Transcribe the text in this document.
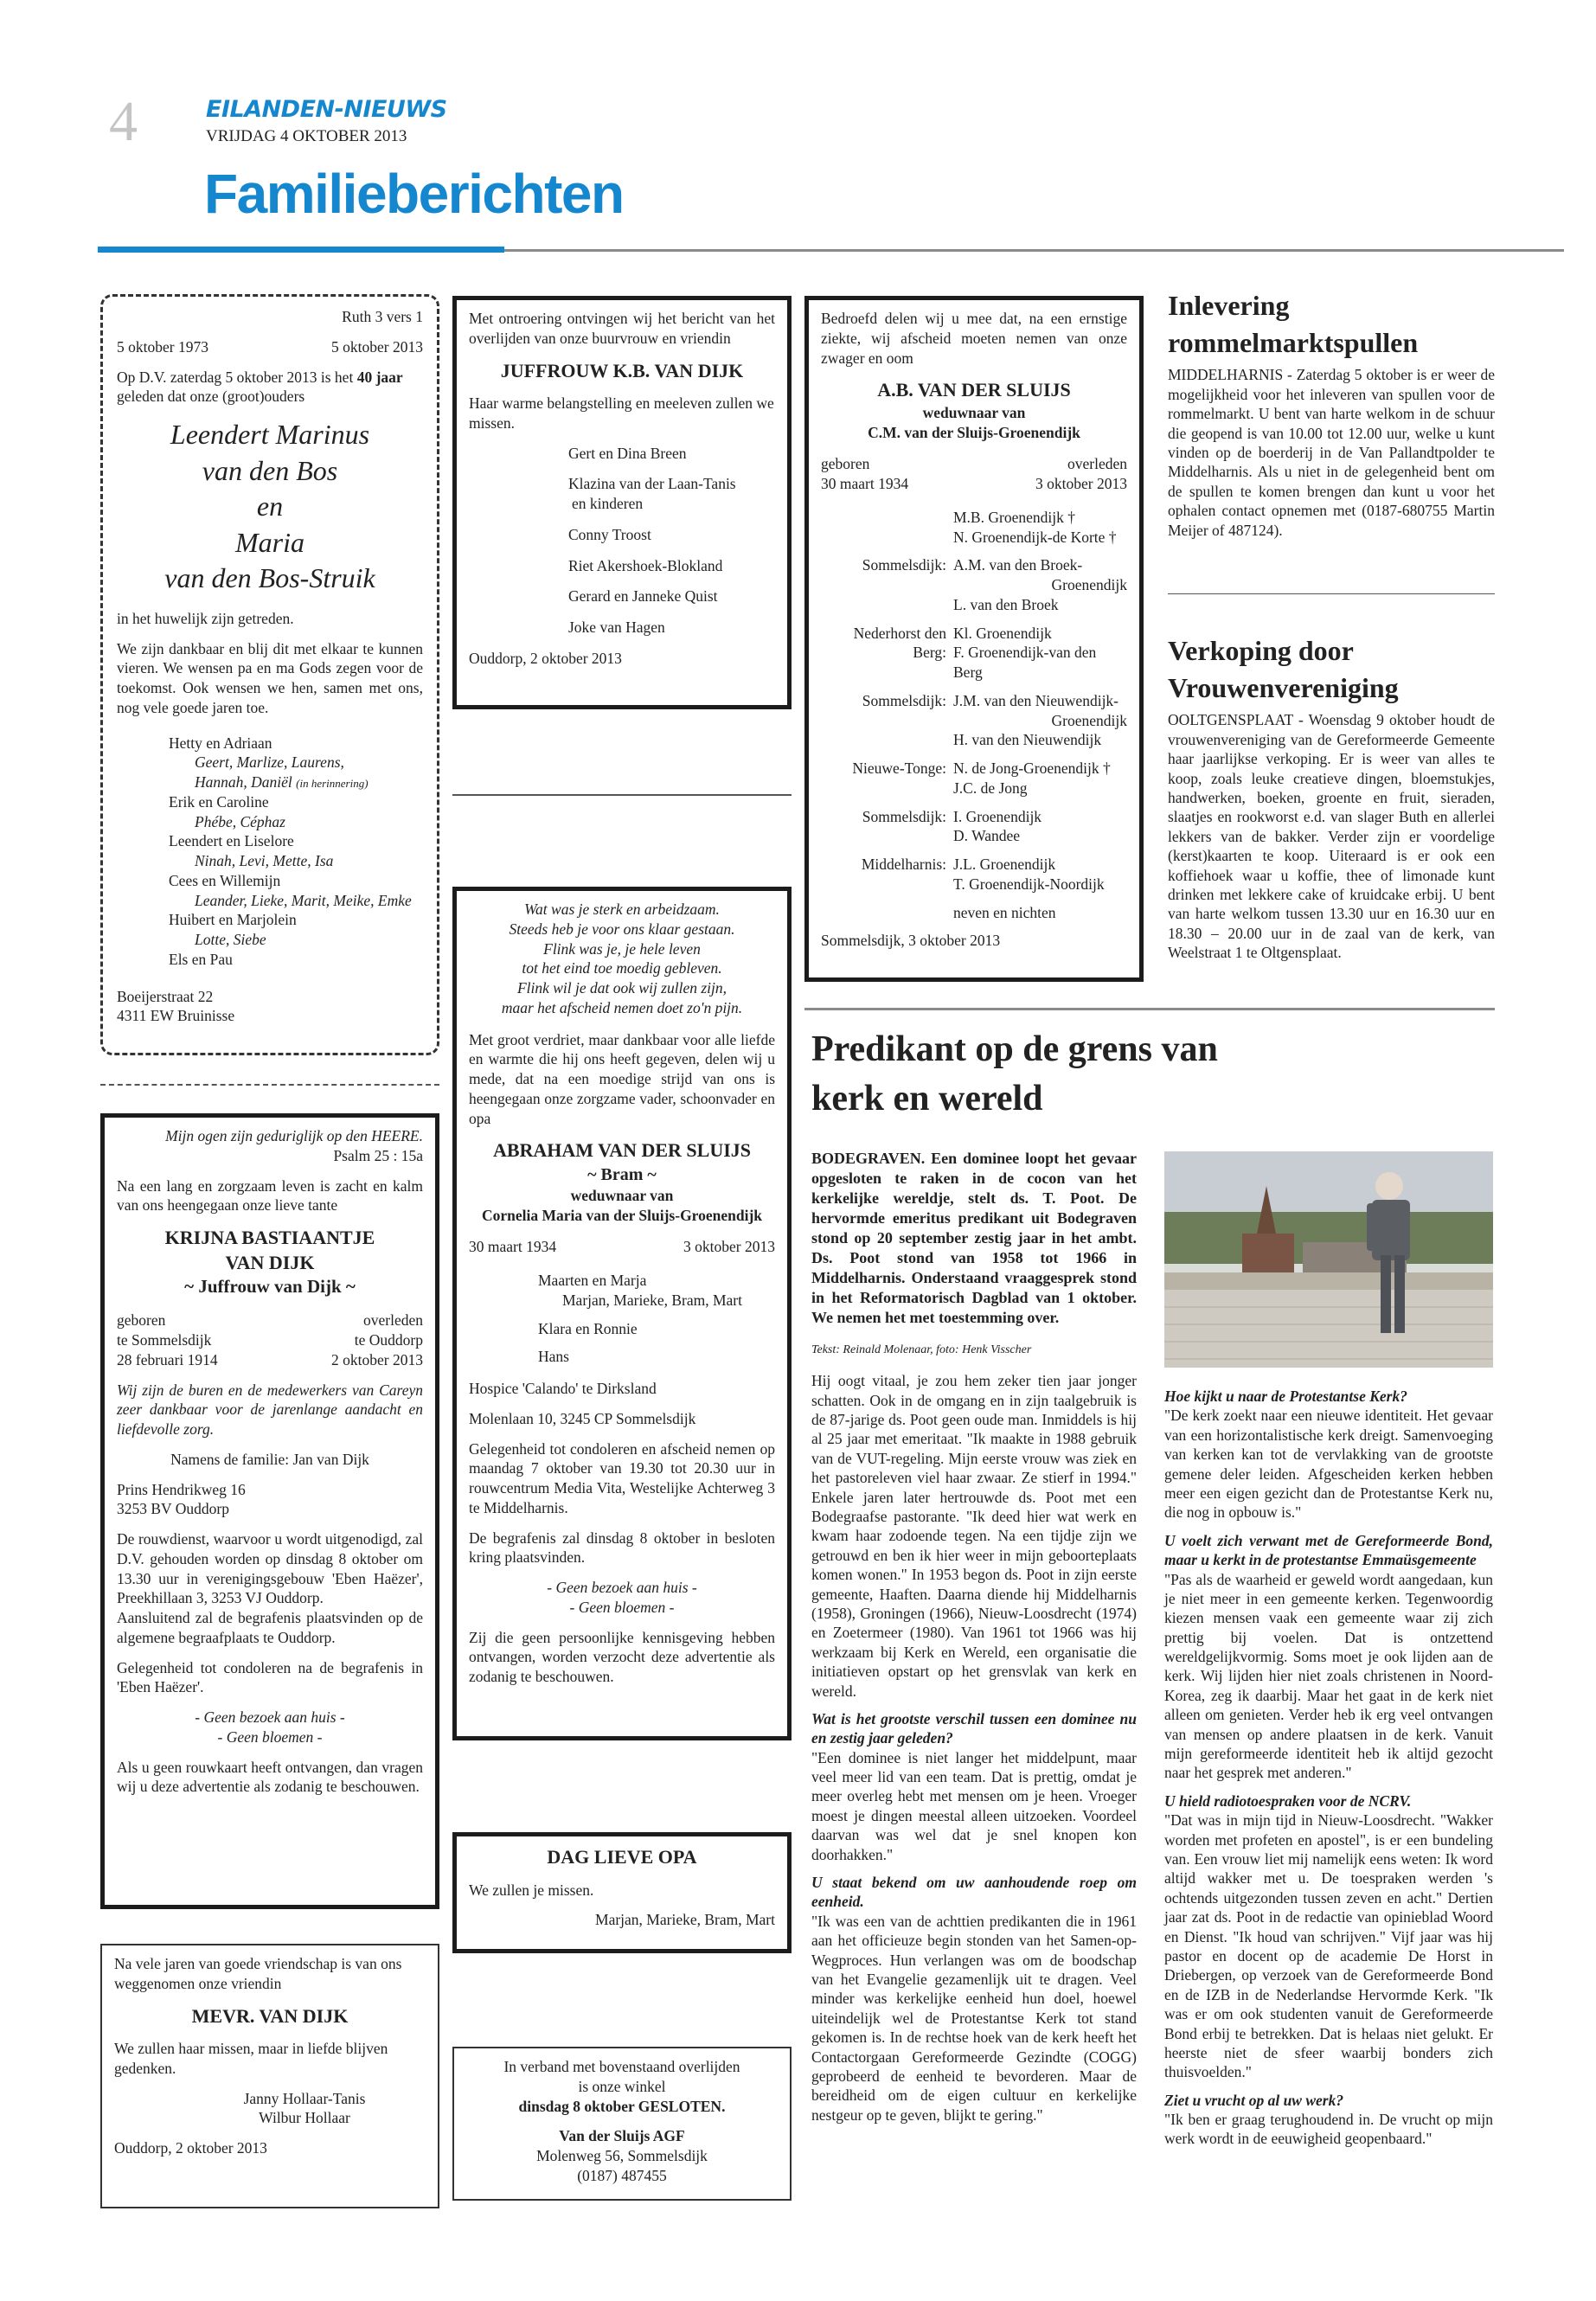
4	EILANDEN-NIEUWS
VRIJDAG 4 OKTOBER 2013
Familieberichten

Ruth 3 vers 1

5 oktober 1973	5 oktober 2013

Op D.V. zaterdag 5 oktober 2013 is het 40 jaar geleden dat onze (groot)ouders

Leendert Marinus
van den Bos
en
Maria
van den Bos-Struik

in het huwelijk zijn getreden.

We zijn dankbaar en blij dit met elkaar te kunnen vieren. We wensen pa en ma Gods zegen voor de toekomst. Ook wensen we hen, samen met ons, nog vele goede jaren toe.

Hetty en Adriaan
Geert, Marlize, Laurens,
Hannah, Daniël (in herinnering)
Erik en Caroline
Phébe, Céphaz
Leendert en Liselore
Ninah, Levi, Mette, Isa
Cees en Willemijn
Leander, Lieke, Marit, Meike, Emke
Huibert en Marjolein
Lotte, Siebe
Els en Pau
Boeijerstraat 22
4311 EW Bruinisse
Mijn ogen zijn geduriglijk op den HEERE.

Psalm 25 : 15a

Na een lang en zorgzaam leven is zacht en kalm van ons heengegaan onze lieve tante

KRIJNA BASTIAANTJE
VAN DIJK
~ Juffrouw van Dijk ~
geboren	overleden
te Sommelsdijk	te Ouddorp
28 februari 1914	2 oktober 2013

Wij zijn de buren en de medewerkers van Careyn zeer dankbaar voor de jarenlange aandacht en liefdevolle zorg.

Namens de familie: Jan van Dijk

Prins Hendrikweg 16

3253 BV Ouddorp

De rouwdienst, waarvoor u wordt uitgenodigd, zal D.V. gehouden worden op dinsdag 8 oktober om 13.30 uur in verenigingsgebouw 'Eben Haëzer', Preekhillaan 3, 3253 VJ Ouddorp.

Aansluitend zal de begrafenis plaatsvinden op de algemene begraafplaats te Ouddorp.

Gelegenheid tot condoleren na de begrafenis in 'Eben Haëzer'.

- Geen bezoek aan huis -

- Geen bloemen -

Als u geen rouwkaart heeft ontvangen, dan vragen wij u deze advertentie als zodanig te beschouwen.

Na vele jaren van goede vriendschap is van ons weggenomen onze vriendin

MEVR. VAN DIJK

We zullen haar missen, maar in liefde blijven gedenken.

Janny Hollaar-Tanis

Wilbur Hollaar

Ouddorp, 2 oktober 2013

Met ontroering ontvingen wij het bericht van het overlijden van onze buurvrouw en vriendin

JUFFROUW K.B. VAN DIJK

Haar warme belangstelling en meeleven zullen we missen.

Gert en Dina Breen
Klazina van der Laan-Tanis
en kinderen
Conny Troost
Riet Akershoek-Blokland
Gerard en Janneke Quist
Joke van Hagen
Ouddorp, 2 oktober 2013
Wat was je sterk en arbeidzaam.
Steeds heb je voor ons klaar gestaan.
Flink was je, je hele leven
tot het eind toe moedig gebleven.
Flink wil je dat ook wij zullen zijn,
maar het afscheid nemen doet zo'n pijn.

Met groot verdriet, maar dankbaar voor alle liefde en warmte die hij ons heeft gegeven, delen wij u mede, dat na een moedige strijd van ons is heengegaan onze zorgzame vader, schoonvader en opa

ABRAHAM VAN DER SLUIJS
~ Bram ~
weduwnaar van

Cornelia Maria van der Sluijs-Groenendijk

30 maart 1934	3 oktober 2013
Maarten en Marja
Marjan, Marieke, Bram, Mart
Klara en Ronnie
Hans

Hospice 'Calando' te Dirksland

Molenlaan 10, 3245 CP Sommelsdijk

Gelegenheid tot condoleren en afscheid nemen op maandag 7 oktober van 19.30 tot 20.30 uur in rouwcentrum Media Vita, Westelijke Achterweg 3 te Middelharnis.

De begrafenis zal dinsdag 8 oktober in besloten kring plaatsvinden.

- Geen bezoek aan huis -

- Geen bloemen -

Zij die geen persoonlijke kennisgeving hebben ontvangen, worden verzocht deze advertentie als zodanig te beschouwen.
DAG LIEVE OPA

We zullen je missen.

Marjan, Marieke, Bram, Mart
In verband met bovenstaand overlijden
is onze winkel

dinsdag 8 oktober GESLOTEN.

Van der Sluijs AGF
Molenweg 56, Sommelsdijk
(0187) 487455

Bedroefd delen wij u mee dat, na een ernstige ziekte, wij afscheid moeten nemen van onze zwager en oom

A.B. VAN DER SLUIJS
weduwnaar van

C.M. van der Sluijs-Groenendijk

geboren	overleden
30 maart 1934	3 oktober 2013
M.B. Groenendijk †
N. Groenendijk-de Korte †
Sommelsdijk: A.M. van den Broek-
Groenendijk
L. van den Broek
Nederhorst den Berg:
Kl. Groenendijk
F. Groenendijk-van den Berg
Sommelsdijk: J.M. van den Nieuwendijk-
Groenendijk
H. van den Nieuwendijk
Nieuwe-Tonge: N. de Jong-Groenendijk †
J.C. de Jong
Sommelsdijk: I. Groenendijk
D. Wandee
Middelharnis: J.L. Groenendijk
T. Groenendijk-Noordijk
neven en nichten
Sommelsdijk, 3 oktober 2013
Inlevering rommelmarktspullen
MIDDELHARNIS - Zaterdag 5 oktober is er weer de mogelijkheid voor het inleveren van spullen voor de rommelmarkt. U bent van harte welkom in de schuur die geopend is van 10.00 tot 12.00 uur, welke u kunt vinden op de boerderij in de Van Pallandtpolder te Middelharnis. Als u niet in de gelegenheid bent om de spullen te komen brengen dan kunt u voor het ophalen contact opnemen met (0187-680755 Martin Meijer of 487124).
Verkoping door Vrouwenvereniging
OOLTGENSPLAAT - Woensdag 9 oktober houdt de vrouwenvereniging van de Gereformeerde Gemeente haar jaarlijkse verkoping. Er is weer van alles te koop, zoals leuke creatieve dingen, bloemstukjes, handwerken, boeken, groente en fruit, sieraden, slaatjes en rookworst e.d. van slager Buth en allerlei lekkers van de bakker. Verder zijn er voordelige (kerst)kaarten te koop. Uiteraard is er ook een koffiehoek waar u koffie, thee of limonade kunt drinken met lekkere cake of kruidcake erbij. U bent van harte welkom tussen 13.30 uur en 16.30 uur en 18.30 – 20.00 uur in de zaal van de kerk, van Weelstraat 1 te Oltgensplaat.
Predikant op de grens van kerk en wereld
BODEGRAVEN. Een dominee loopt het gevaar opgesloten te raken in de cocon van het kerkelijke wereldje, stelt ds. T. Poot. De hervormde emeritus predikant uit Bodegraven stond op 20 september zestig jaar in het ambt. Ds. Poot stond van 1958 tot 1966 in Middelharnis. Onderstaand vraaggesprek stond in het Reformatorisch Dagblad van 1 oktober. We nemen het met toestemming over.
Tekst: Reinald Molenaar, foto: Henk Visscher
Hij oogt vitaal, je zou hem zeker tien jaar jonger schatten. Ook in de omgang en in zijn taalgebruik is de 87-jarige ds. Poot geen oude man. Inmiddels is hij al 25 jaar met emeritaat. "Ik maakte in 1988 gebruik van de VUT-regeling. Mijn eerste vrouw was ziek en het pastoreleven viel haar zwaar. Ze stierf in 1994." Enkele jaren later hertrouwde ds. Poot met een Bodegraafse pastorante. "Ik deed hier wat werk en kwam haar zodoende tegen. Na een tijdje zijn we getrouwd en ben ik hier weer in mijn geboorteplaats komen wonen." In 1953 begon ds. Poot in zijn eerste gemeente, Haaften. Daarna diende hij Middelharnis (1958), Groningen (1966), Nieuw-Loosdrecht (1974) en Zoetermeer (1980). Van 1961 tot 1966 was hij werkzaam bij Kerk en Wereld, een organisatie die initiatieven opstart op het grensvlak van kerk en wereld.
Wat is het grootste verschil tussen een dominee nu en zestig jaar geleden?
"Een dominee is niet langer het middelpunt, maar veel meer lid van een team. Dat is prettig, omdat je meer overleg hebt met mensen om je heen. Vroeger moest je dingen meestal alleen uitzoeken. Voordeel daarvan was wel dat je snel knopen kon doorhakken."
U staat bekend om uw aanhoudende roep om eenheid.
"Ik was een van de achttien predikanten die in 1961 aan het officieuze begin stonden van het Samen-op-Wegproces. Hun verlangen was om de boodschap van het Evangelie gezamenlijk uit te dragen. Veel minder was kerkelijke eenheid hun doel, hoewel uiteindelijk wel de Protestantse Kerk tot stand gekomen is. In de rechtse hoek van de kerk heeft het Contactorgaan Gereformeerde Gezindte (COGG) geprobeerd de eenheid te bevorderen. Maar de bereidheid om de eigen cultuur en kerkelijke nestgeur op te geven, blijkt te gering."
Hoe kijkt u naar de Protestantse Kerk?
"De kerk zoekt naar een nieuwe identiteit. Het gevaar van een horizontalistische kerk dreigt. Samenvoeging van kerken kan tot de vervlakking van de grootste gemene deler leiden. Afgescheiden kerken hebben meer een eigen gezicht dan de Protestantse Kerk nu, die nog in opbouw is."
U voelt zich verwant met de Gereformeerde Bond, maar u kerkt in de protestantse Emmaüsgemeente
"Pas als de waarheid er geweld wordt aangedaan, kun je niet meer in een gemeente kerken. Tegenwoordig kiezen mensen vaak een gemeente waar zij zich prettig bij voelen. Dat is ontzettend wereldgelijkvormig. Soms moet je ook lijden aan de kerk. Wij lijden hier niet zoals christenen in Noord-Korea, zeg ik daarbij. Maar het gaat in de kerk niet alleen om genieten. Verder heb ik erg veel ontvangen van mensen op andere plaatsen in de kerk. Vanuit mijn gereformeerde identiteit heb ik altijd gezocht naar het gesprek met anderen."
U hield radiotoespraken voor de NCRV.
"Dat was in mijn tijd in Nieuw-Loosdrecht. "Wakker worden met profeten en apostel", is er een bundeling van. Een vrouw liet mij namelijk eens weten: Ik word altijd wakker met u. De toespraken werden 's ochtends uitgezonden tussen zeven en acht." Dertien jaar zat ds. Poot in de redactie van opinieblad Woord en Dienst. "Ik houd van schrijven." Vijf jaar was hij pastor en docent op de academie De Horst in Driebergen, op verzoek van de Gereformeerde Bond en de IZB in de Nederlandse Hervormde Kerk. "Ik was er om ook studenten vanuit de Gereformeerde Bond erbij te betrekken. Dat is helaas niet gelukt. Er heerste niet de sfeer waarbij bonders zich thuisvoelden."
Ziet u vrucht op al uw werk?
"Ik ben er graag terughoudend in. De vrucht op mijn werk wordt in de eeuwigheid geopenbaard."
